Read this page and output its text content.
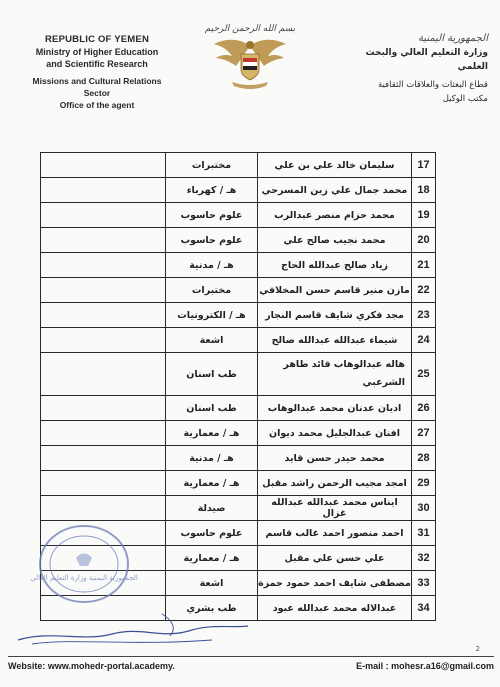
REPUBLIC OF YEMEN
Ministry of Higher Education
and Scientific Research
Missions and Cultural Relations Sector
Office of the agent
بسم الله الرحمن الرحيم
الجمهورية اليمنية
وزارة التعليم العالي والبحث العلمي
قطاع البعثات والعلاقات الثقافية
مكتب الوكيل
	مختبرات	سليمان خالد علي بن علي	17
	هـ / كهرباء	محمد جمال علي زين المسرحي	18
	علوم حاسوب	محمد حزام منصر عبدالرب	19
	علوم حاسوب	محمد نجيب صالح علي	20
	هـ / مدنية	زياد صالح عبدالله الحاج	21
	مختبرات	مازن منير قاسم حسن المخلافي	22
	هـ / الكترونيات	مجد فكري شايف قاسم النجار	23
	اشعة	شيماء عبدالله عبدالله صالح	24
	طب اسنان	هاله عبدالوهاب قائد طاهر الشرعبي	25
	طب اسنان	اديان عدنان محمد عبدالوهاب	26
	هـ / معمارية	افنان عبدالجليل محمد ديوان	27
	هـ / مدنية	محمد حيدر حسن قايد	28
	هـ / معمارية	امجد مجيب الرحمن راشد مقبل	29
	صيدلة	ايناس محمد عبدالله عبدالله غزال	30
	علوم حاسوب	احمد منصور احمد غالب قاسم	31
	هـ / معمارية	علي حسن علي مقبل	32
	اشعة	مصطفى شايف احمد حمود حمزة	33
	طب بشري	عبدالاله محمد عبدالله عبود	34
الجمهورية اليمنية وزارة التعليم العالي
2
Website: www.mohedr-portal.academy.	E-mail : mohesr.a16@gmail.com
